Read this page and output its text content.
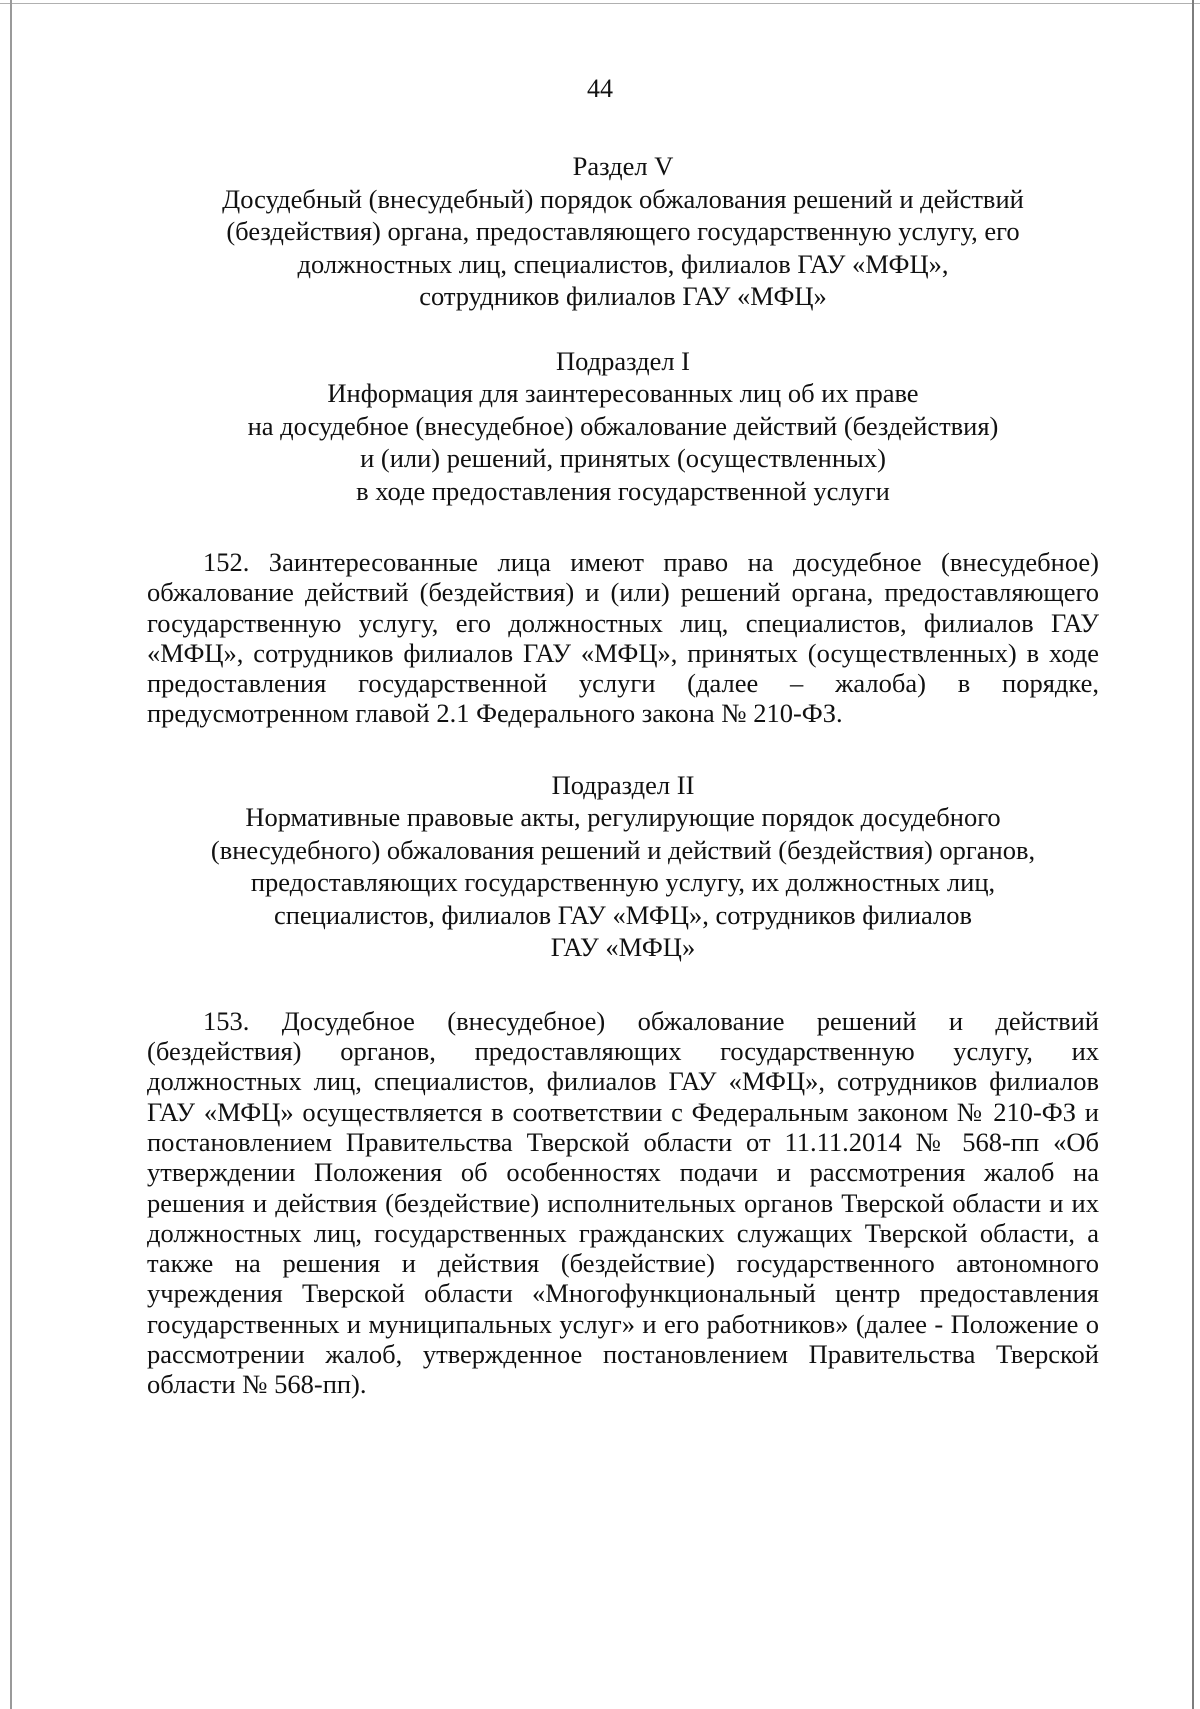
44
Раздел V
Досудебный (внесудебный) порядок обжалования решений и действий
(бездействия) органа, предоставляющего государственную услугу, его
должностных лиц, специалистов, филиалов ГАУ «МФЦ»,
сотрудников филиалов ГАУ «МФЦ»
Подраздел I
Информация для заинтересованных лиц об их праве
на досудебное (внесудебное) обжалование действий (бездействия)
и (или) решений, принятых (осуществленных)
в ходе предоставления государственной услуги

152. Заинтересованные лица имеют право на досудебное (внесудебное) обжалование действий (бездействия) и (или) решений органа, предоставляющего государственную услугу, его должностных лиц, специалистов, филиалов ГАУ «МФЦ», сотрудников филиалов ГАУ «МФЦ», принятых (осуществленных) в ходе предоставления государственной услуги (далее – жалоба) в порядке, предусмотренном главой 2.1 Федерального закона № 210-ФЗ.

Подраздел II
Нормативные правовые акты, регулирующие порядок досудебного
(внесудебного) обжалования решений и действий (бездействия) органов,
предоставляющих государственную услугу, их должностных лиц,
специалистов, филиалов ГАУ «МФЦ», сотрудников филиалов
ГАУ «МФЦ»

153. Досудебное (внесудебное) обжалование решений и действий (бездействия) органов, предоставляющих государственную услугу, их должностных лиц, специалистов, филиалов ГАУ «МФЦ», сотрудников филиалов ГАУ «МФЦ» осуществляется в соответствии с Федеральным законом № 210-ФЗ и постановлением Правительства Тверской области от 11.11.2014 № 568-пп «Об утверждении Положения об особенностях подачи и рассмотрения жалоб на решения и действия (бездействие) исполнительных органов Тверской области и их должностных лиц, государственных гражданских служащих Тверской области, а также на решения и действия (бездействие) государственного автономного учреждения Тверской области «Многофункциональный центр предоставления государственных и муниципальных услуг» и его работников» (далее - Положение о рассмотрении жалоб, утвержденное постановлением Правительства Тверской области № 568-пп).
